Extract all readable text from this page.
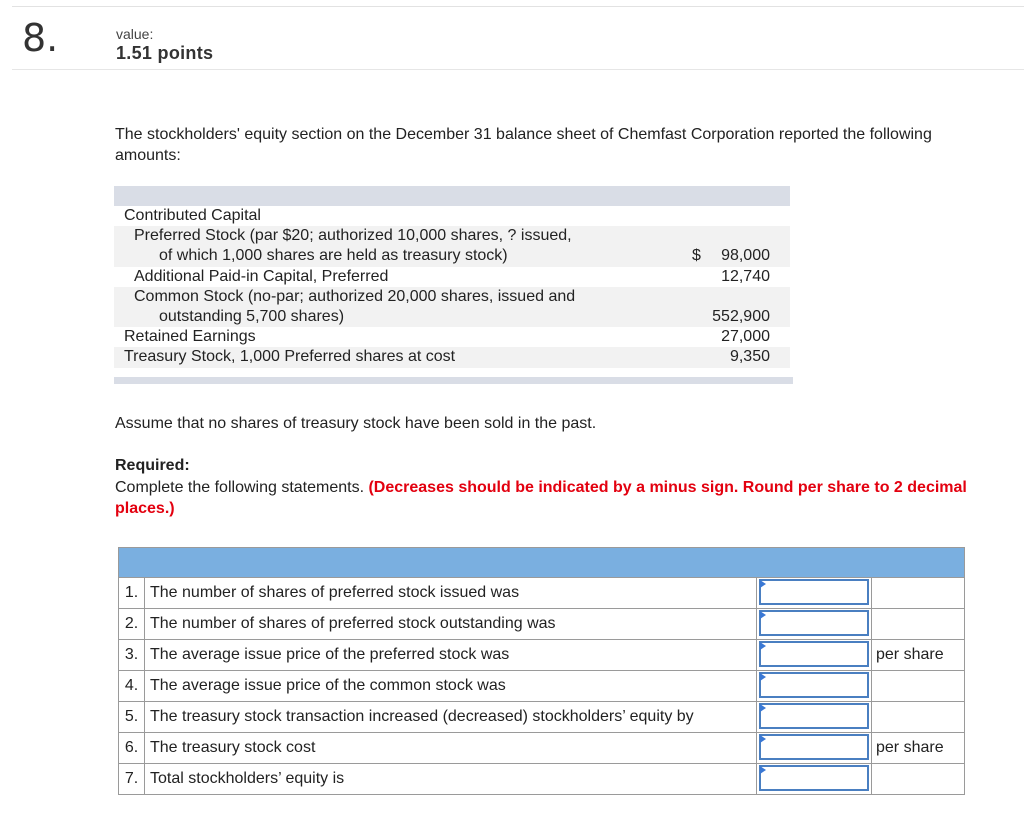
8.	value:
1.51 points
The stockholders' equity section on the December 31 balance sheet of Chemfast Corporation reported the following amounts:
Contributed Capital
Preferred Stock (par $20; authorized 10,000 shares, ? issued,
of which 1,000 shares are held as treasury stock)	$ 98,000
Additional Paid-in Capital, Preferred	12,740
Common Stock (no-par; authorized 20,000 shares, issued and
outstanding 5,700 shares)	552,900
Retained Earnings	27,000
Treasury Stock, 1,000 Preferred shares at cost	9,350
Assume that no shares of treasury stock have been sold in the past.
Required:
Complete the following statements. (Decreases should be indicated by a minus sign. Round per share to 2 decimal places.)
1. The number of shares of preferred stock issued was
2. The number of shares of preferred stock outstanding was
3. The average issue price of the preferred stock was	per share
4. The average issue price of the common stock was
5. The treasury stock transaction increased (decreased) stockholders’ equity by
6. The treasury stock cost	per share
7. Total stockholders’ equity is
